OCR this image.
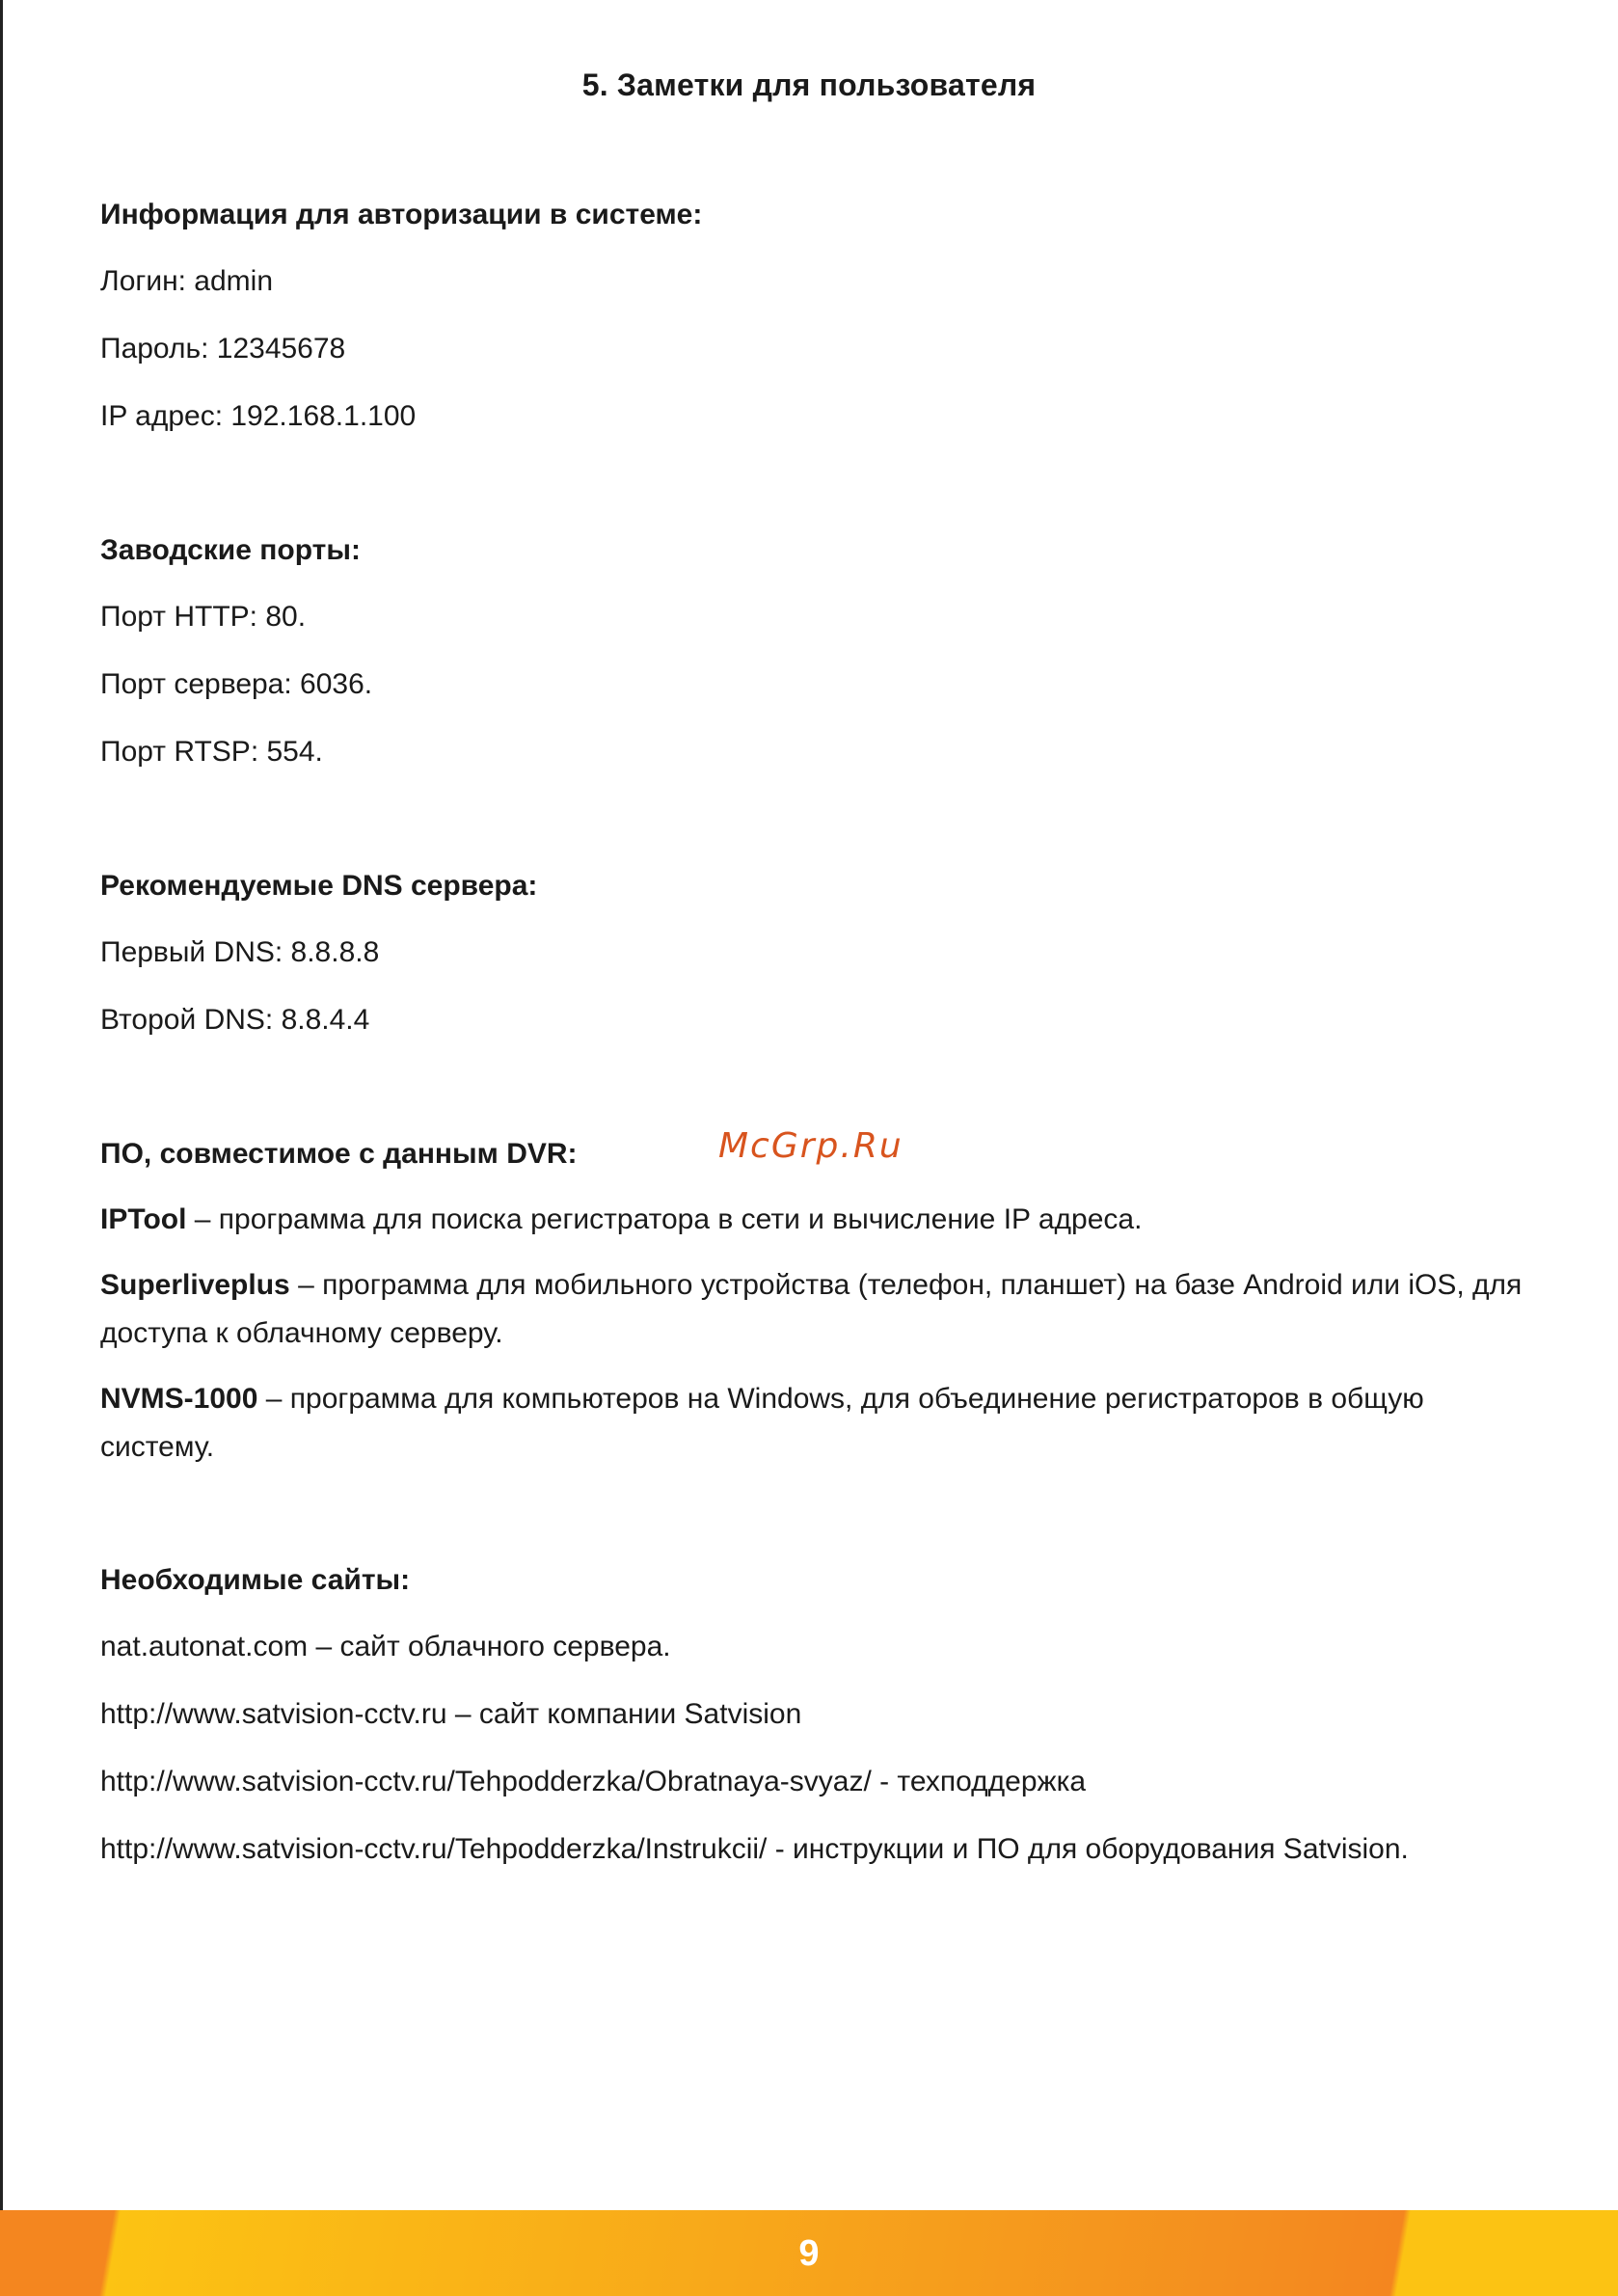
5. Заметки для пользователя
Информация для авторизации в системе:
Логин: admin
Пароль: 12345678
IP адрес: 192.168.1.100
Заводские порты:
Порт HTTP: 80.
Порт сервера: 6036.
Порт RTSP: 554.
Рекомендуемые DNS сервера:
Первый DNS: 8.8.8.8
Второй DNS: 8.8.4.4
ПО, совместимое с данным DVR:
IPTool – программа для поиска регистратора в сети и вычисление IP адреса.
Superliveplus – программа для мобильного устройства (телефон, планшет) на базе Android или iOS, для доступа к облачному серверу.
NVMS-1000 – программа для компьютеров на Windows, для объединение регистраторов в общую систему.
Необходимые сайты:
nat.autonat.com – сайт облачного сервера.
http://www.satvision-cctv.ru – сайт компании Satvision
http://www.satvision-cctv.ru/Tehpodderzka/Obratnaya-svyaz/ - техподдержка
http://www.satvision-cctv.ru/Tehpodderzka/Instrukcii/ - инструкции и ПО для оборудования Satvision.
McGrp.Ru
9
